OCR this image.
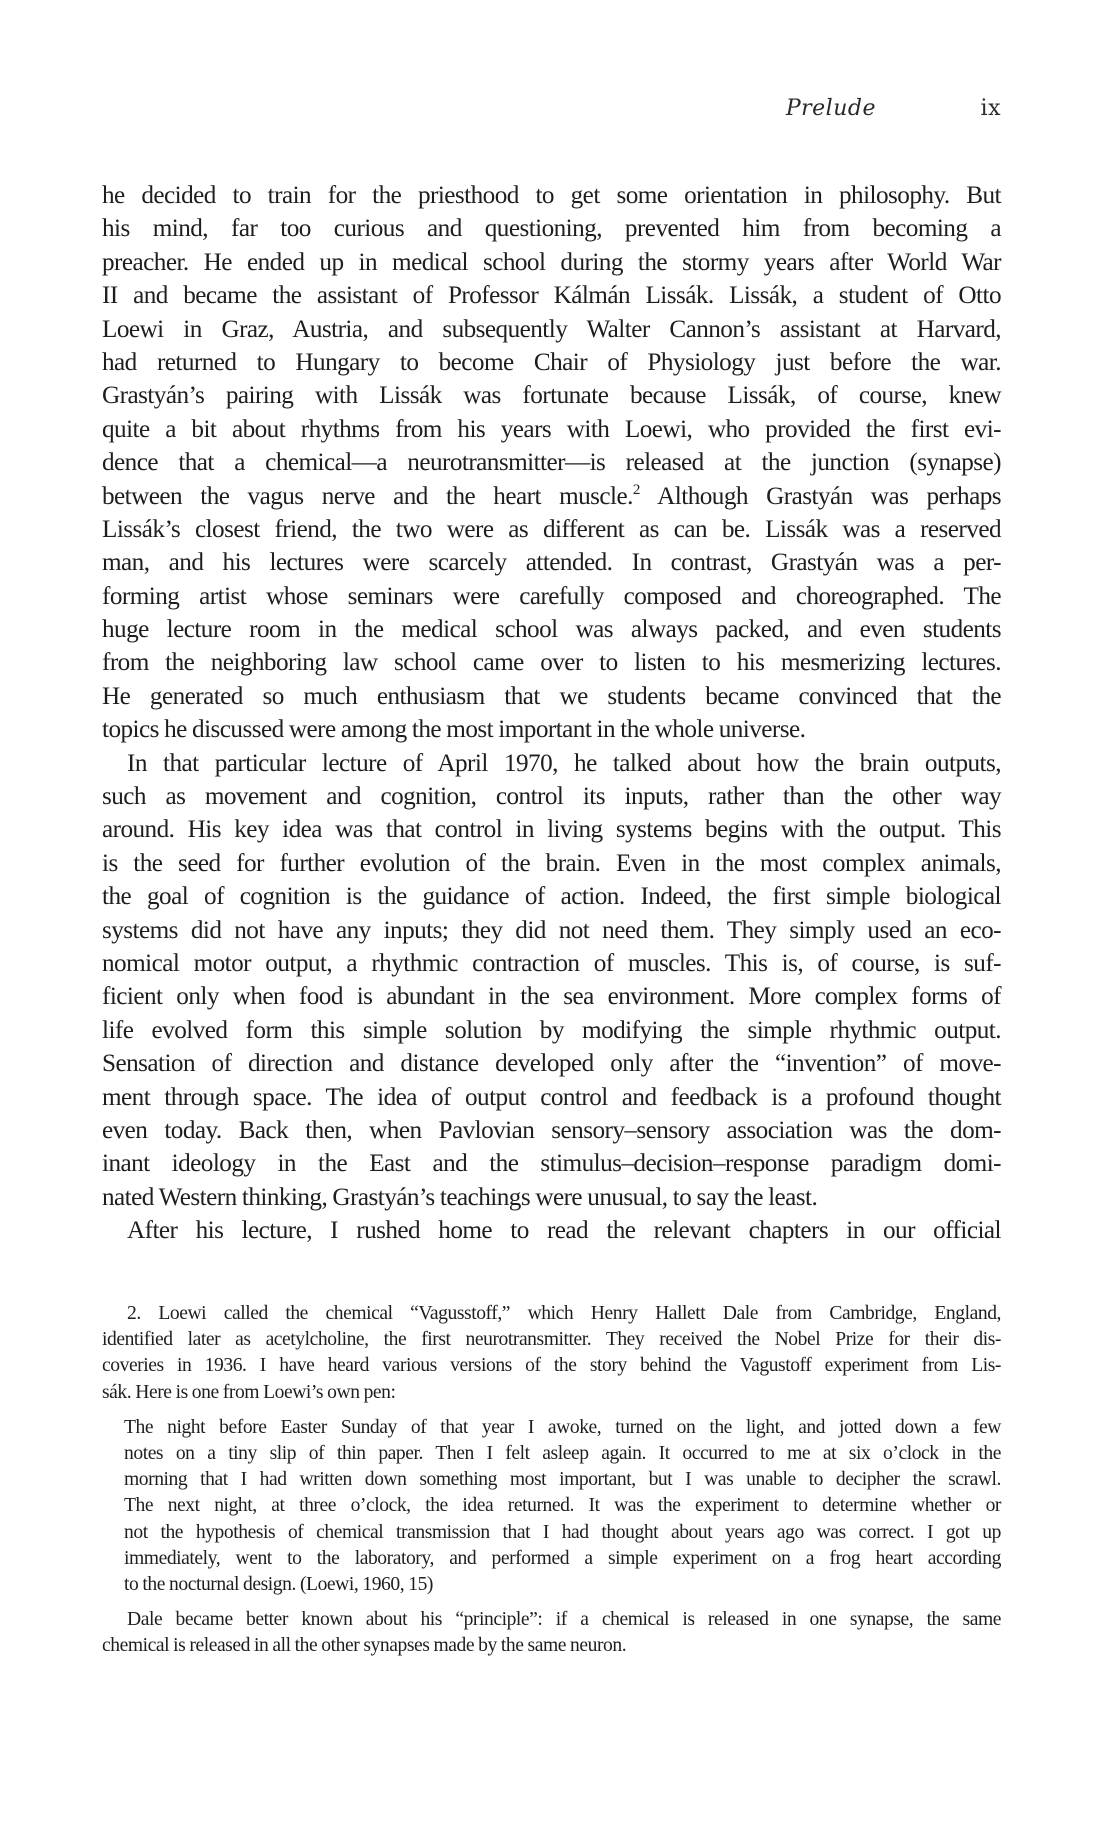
Prelude	ix

he decided to train for the priesthood to get some orientation in philosophy. But
his mind, far too curious and questioning, prevented him from becoming a
preacher. He ended up in medical school during the stormy years after World War
II and became the assistant of Professor Kálmán Lissák. Lissák, a student of Otto
Loewi in Graz, Austria, and subsequently Walter Cannon’s assistant at Harvard,
had returned to Hungary to become Chair of Physiology just before the war.
Grastyán’s pairing with Lissák was fortunate because Lissák, of course, knew
quite a bit about rhythms from his years with Loewi, who provided the first evi-
dence that a chemical—a neurotransmitter—is released at the junction (synapse)
between the vagus nerve and the heart muscle.$^2$ Although Grastyán was perhaps
Lissák’s closest friend, the two were as different as can be. Lissák was a reserved
man, and his lectures were scarcely attended. In contrast, Grastyán was a per-
forming artist whose seminars were carefully composed and choreographed. The
huge lecture room in the medical school was always packed, and even students
from the neighboring law school came over to listen to his mesmerizing lectures.
He generated so much enthusiasm that we students became convinced that the
topics he discussed were among the most important in the whole universe.

In that particular lecture of April 1970, he talked about how the brain outputs,
such as movement and cognition, control its inputs, rather than the other way
around. His key idea was that control in living systems begins with the output. This
is the seed for further evolution of the brain. Even in the most complex animals,
the goal of cognition is the guidance of action. Indeed, the first simple biological
systems did not have any inputs; they did not need them. They simply used an eco-
nomical motor output, a rhythmic contraction of muscles. This is, of course, is suf-
ficient only when food is abundant in the sea environment. More complex forms of
life evolved form this simple solution by modifying the simple rhythmic output.
Sensation of direction and distance developed only after the “invention” of move-
ment through space. The idea of output control and feedback is a profound thought
even today. Back then, when Pavlovian sensory–sensory association was the dom-
inant ideology in the East and the stimulus–decision–response paradigm domi-
nated Western thinking, Grastyán’s teachings were unusual, to say the least.

After his lecture, I rushed home to read the relevant chapters in our official

2. Loewi called the chemical “Vagusstoff,” which Henry Hallett Dale from Cambridge, England,
identified later as acetylcholine, the first neurotransmitter. They received the Nobel Prize for their dis-
coveries in 1936. I have heard various versions of the story behind the Vagustoff experiment from Lis-
sák. Here is one from Loewi’s own pen:
The night before Easter Sunday of that year I awoke, turned on the light, and jotted down a few
notes on a tiny slip of thin paper. Then I felt asleep again. It occurred to me at six o’clock in the
morning that I had written down something most important, but I was unable to decipher the scrawl.
The next night, at three o’clock, the idea returned. It was the experiment to determine whether or
not the hypothesis of chemical transmission that I had thought about years ago was correct. I got up
immediately, went to the laboratory, and performed a simple experiment on a frog heart according
to the nocturnal design. (Loewi, 1960, 15)
Dale became better known about his “principle”: if a chemical is released in one synapse, the same
chemical is released in all the other synapses made by the same neuron.
